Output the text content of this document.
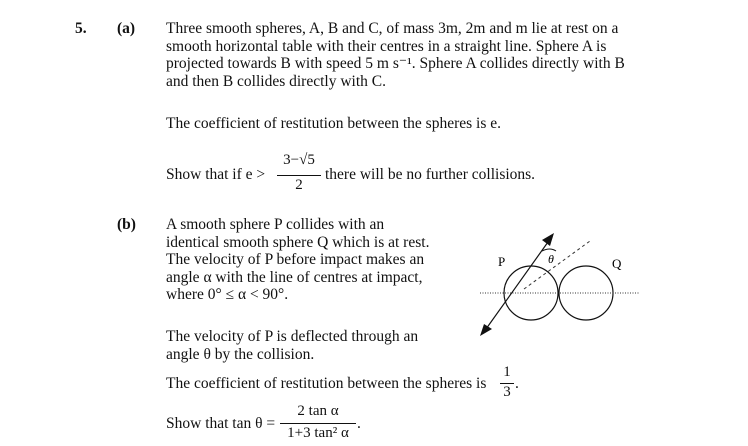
5. (a)
(b)
Three smooth spheres, A, B and C, of mass 3m, 2m and m lie at rest on a
smooth horizontal table with their centres in a straight line. Sphere A is
projected towards B with speed 5 m s⁻¹. Sphere A collides directly with B
and then B collides directly with C.
The coefficient of restitution between the spheres is e.
Show that if e >
3−√5
2
there will be no further collisions.
A smooth sphere P collides with an
identical smooth sphere Q which is at rest.
The velocity of P before impact makes an
angle α with the line of centres at impact,
where 0° ≤ α < 90°.
The velocity of P is deflected through an
angle θ by the collision.
The coefficient of restitution between the spheres is
1
3 .
Show that tan θ =
2 tan α
1+3 tan² α
.
P	Q
θ
